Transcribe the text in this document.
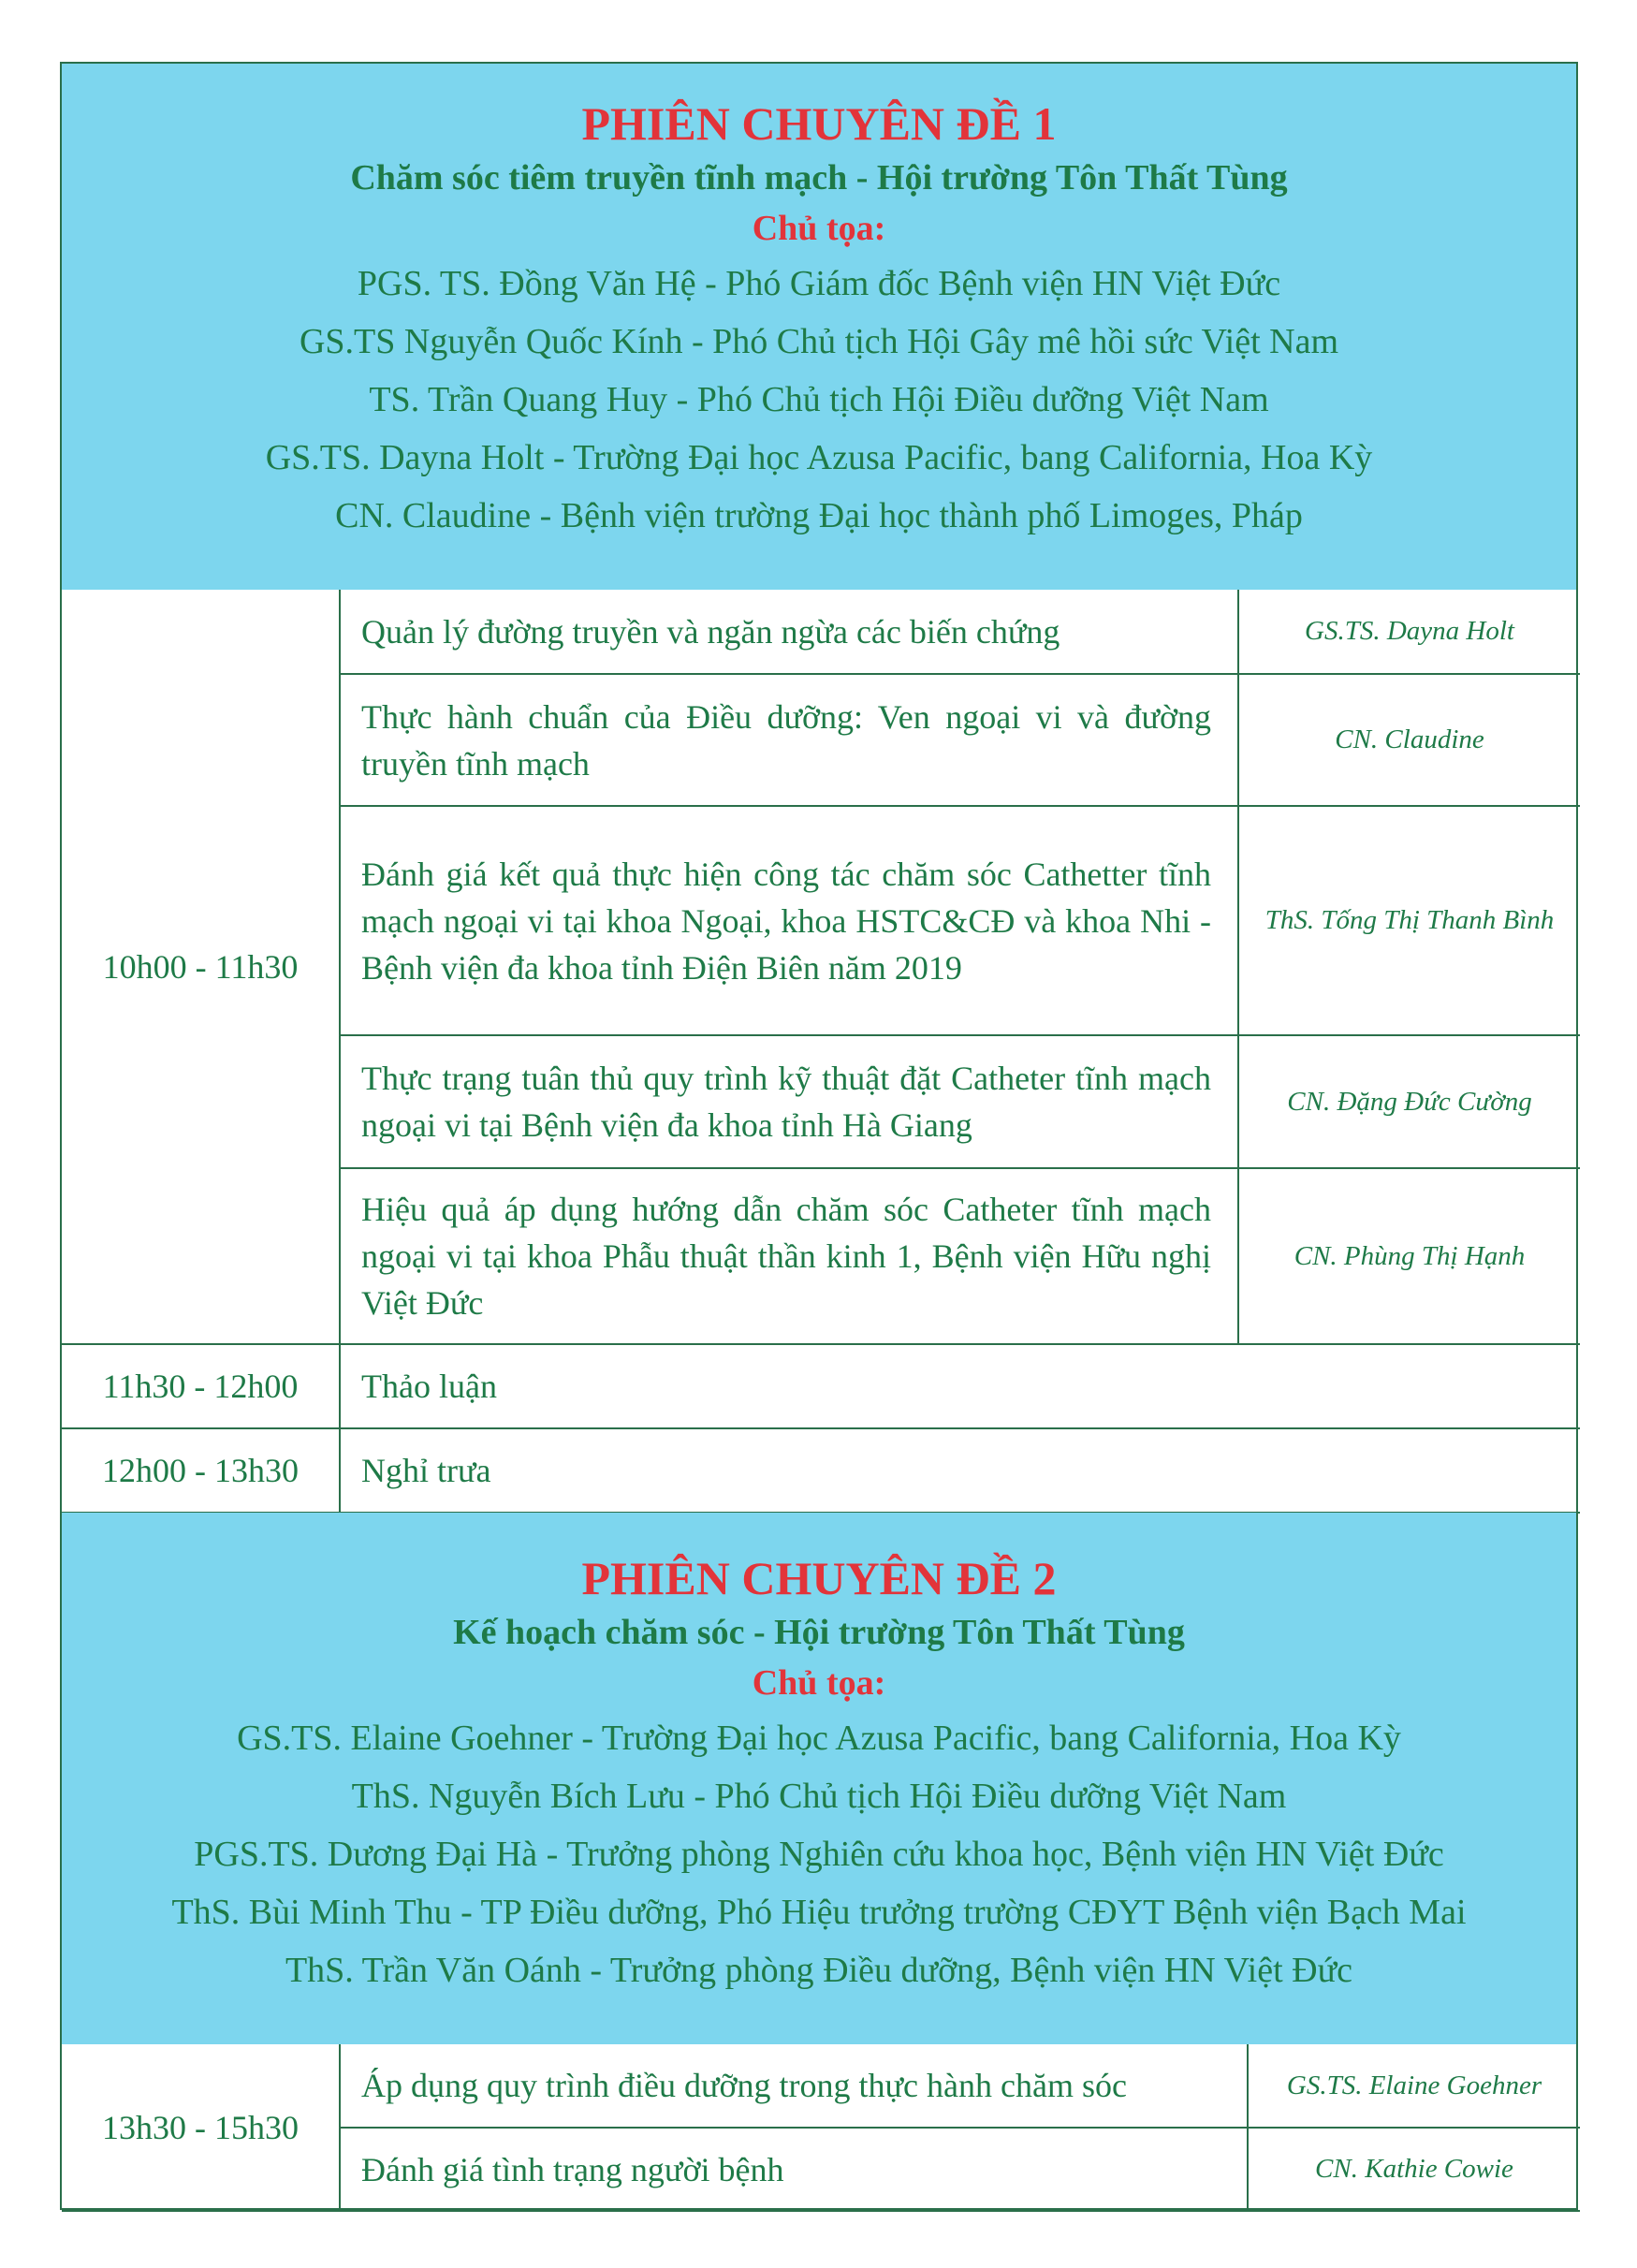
PHIÊN CHUYÊN ĐỀ 1
Chăm sóc tiêm truyền tĩnh mạch - Hội trường Tôn Thất Tùng
Chủ tọa:
PGS. TS. Đồng Văn Hệ - Phó Giám đốc Bệnh viện HN Việt Đức
GS.TS Nguyễn Quốc Kính - Phó Chủ tịch Hội Gây mê hồi sức Việt Nam
TS. Trần Quang Huy - Phó Chủ tịch Hội Điều dưỡng Việt Nam
GS.TS. Dayna Holt - Trường Đại học Azusa Pacific, bang California, Hoa Kỳ
CN. Claudine - Bệnh viện trường Đại học thành phố Limoges, Pháp
10h00 - 11h30	Quản lý đường truyền và ngăn ngừa các biến chứng	GS.TS. Dayna Holt
	Thực hành chuẩn của Điều dưỡng: Ven ngoại vi và đường truyền tĩnh mạch	CN. Claudine
	Đánh giá kết quả thực hiện công tác chăm sóc Cathetter tĩnh mạch ngoại vi tại khoa Ngoại, khoa HSTC&CĐ và khoa Nhi - Bệnh viện đa khoa tỉnh Điện Biên năm 2019	ThS. Tống Thị Thanh Bình
	Thực trạng tuân thủ quy trình kỹ thuật đặt Catheter tĩnh mạch ngoại vi tại Bệnh viện đa khoa tỉnh Hà Giang	CN. Đặng Đức Cường
	Hiệu quả áp dụng hướng dẫn chăm sóc Catheter tĩnh mạch ngoại vi tại khoa Phẫu thuật thần kinh 1, Bệnh viện Hữu nghị Việt Đức	CN. Phùng Thị Hạnh
11h30 - 12h00	Thảo luận	
12h00 - 13h30	Nghỉ trưa	
PHIÊN CHUYÊN ĐỀ 2
Kế hoạch chăm sóc - Hội trường Tôn Thất Tùng
Chủ tọa:
GS.TS. Elaine Goehner - Trường Đại học Azusa Pacific, bang California, Hoa Kỳ
ThS. Nguyễn Bích Lưu - Phó Chủ tịch Hội Điều dưỡng Việt Nam
PGS.TS. Dương Đại Hà - Trưởng phòng Nghiên cứu khoa học, Bệnh viện HN Việt Đức
ThS. Bùi Minh Thu - TP Điều dưỡng, Phó Hiệu trưởng trường CĐYT Bệnh viện Bạch Mai
ThS. Trần Văn Oánh - Trưởng phòng Điều dưỡng, Bệnh viện HN Việt Đức
13h30 - 15h30	Áp dụng quy trình điều dưỡng trong thực hành chăm sóc	GS.TS. Elaine Goehner
	Đánh giá tình trạng người bệnh	CN. Kathie Cowie
